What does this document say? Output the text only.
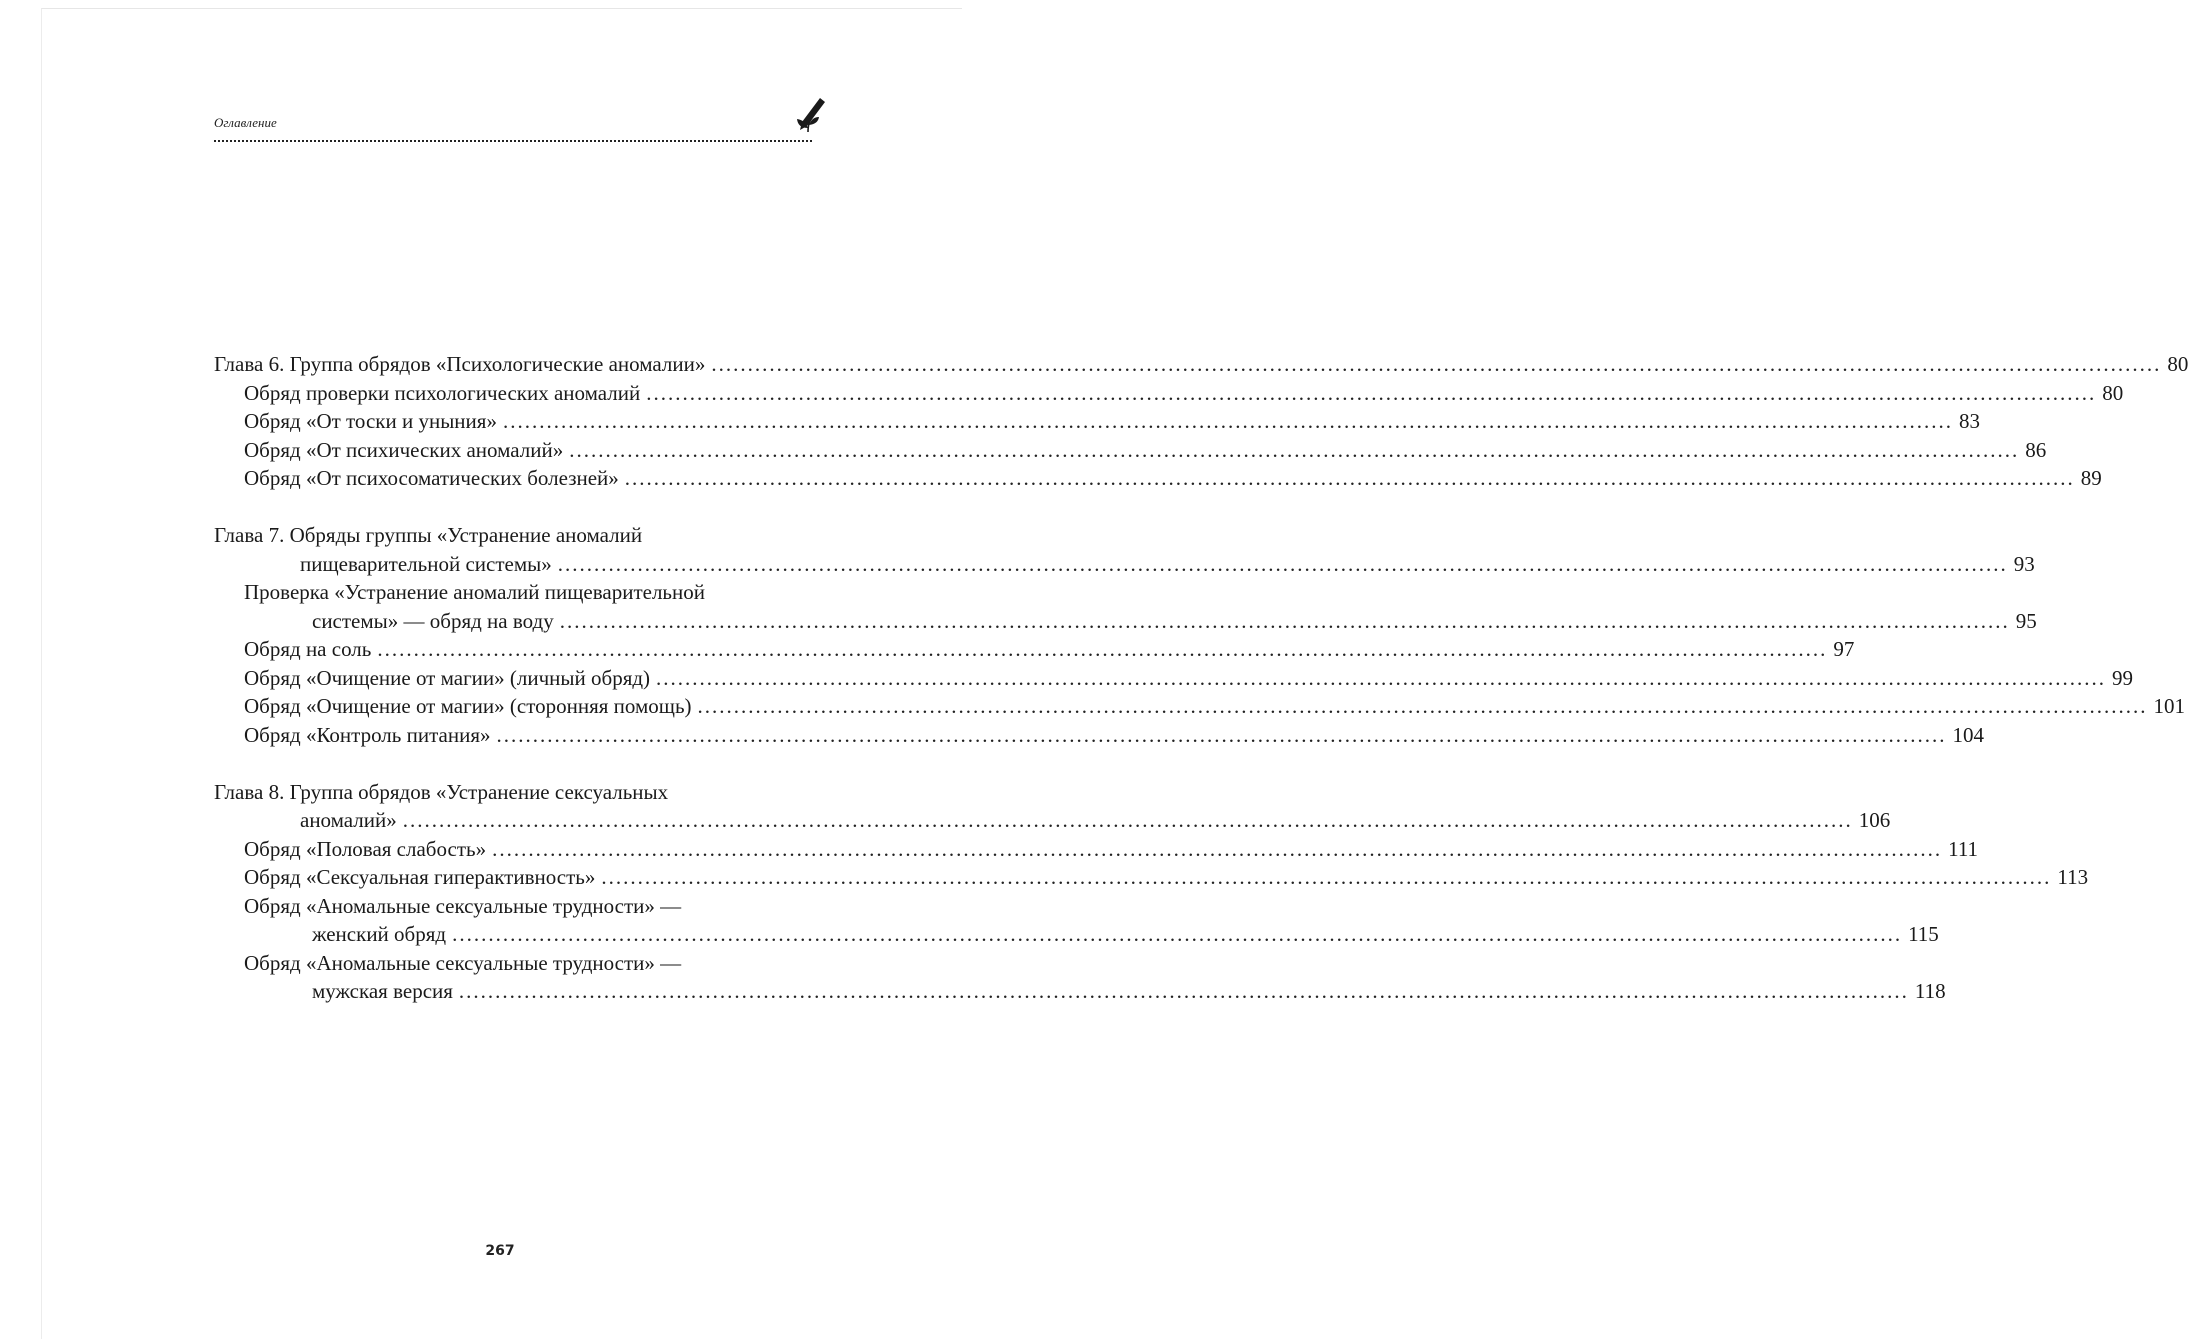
Оглавление
Глава 6. Группа обрядов «Психологические аномалии» ........................................................................................................................................................................................................ 80
Обряд проверки психологических аномалий ........................................................................................................................................................................................................ 80
Обряд «От тоски и уныния» ........................................................................................................................................................................................................ 83
Обряд «От психических аномалий» ........................................................................................................................................................................................................ 86
Обряд «От психосоматических болезней» ........................................................................................................................................................................................................ 89
Глава 7. Обряды группы «Устранение аномалий
пищеварительной системы» ........................................................................................................................................................................................................ 93
Проверка «Устранение аномалий пищеварительной
системы» — обряд на воду ........................................................................................................................................................................................................ 95
Обряд на соль ........................................................................................................................................................................................................ 97
Обряд «Очищение от магии» (личный обряд) ........................................................................................................................................................................................................ 99
Обряд «Очищение от магии» (сторонняя помощь) ........................................................................................................................................................................................................ 101
Обряд «Контроль питания» ........................................................................................................................................................................................................ 104
Глава 8. Группа обрядов «Устранение сексуальных
аномалий» ........................................................................................................................................................................................................ 106
Обряд «Половая слабость» ........................................................................................................................................................................................................ 111
Обряд «Сексуальная гиперактивность» ........................................................................................................................................................................................................ 113
Обряд «Аномальные сексуальные трудности» —
женский обряд ........................................................................................................................................................................................................ 115
Обряд «Аномальные сексуальные трудности» —
мужская версия ........................................................................................................................................................................................................ 118
267
